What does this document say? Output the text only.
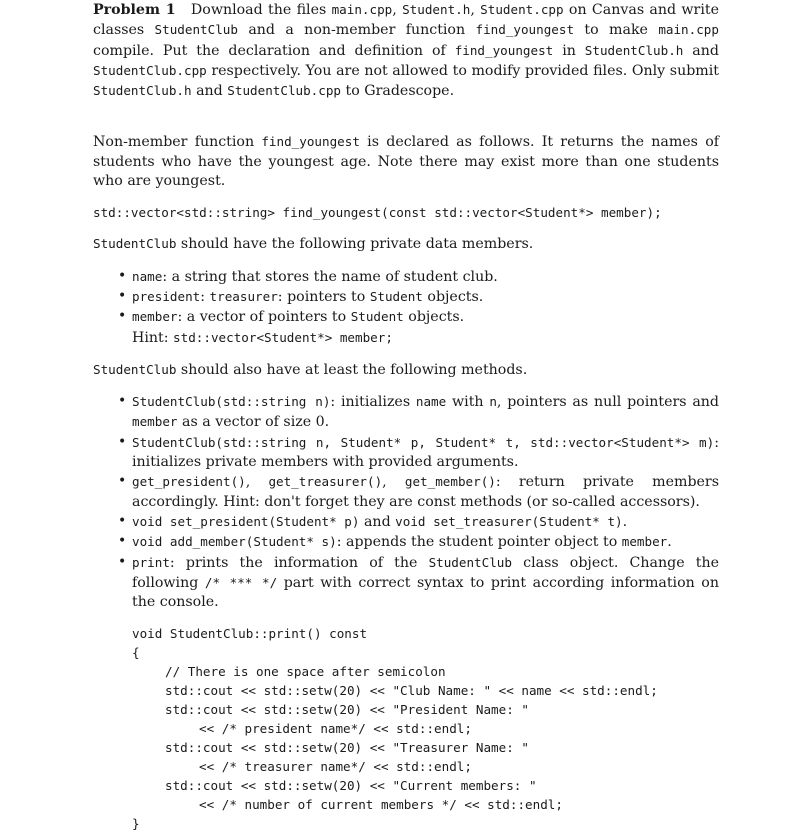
Problem 1 Download the files main.cpp, Student.h, Student.cpp on Canvas and write classes StudentClub and a non-member function find_youngest to make main.cpp compile. Put the declaration and definition of find_youngest in StudentClub.h and StudentClub.cpp respectively. You are not allowed to modify provided files. Only submit StudentClub.h and StudentClub.cpp to Gradescope.

Non-member function find_youngest is declared as follows. It returns the names of students who have the youngest age. Note there may exist more than one students who are youngest.

std::vector<std::string> find_youngest(const std::vector<Student*> member);

StudentClub should have the following private data members.

• name: a string that stores the name of student club.
• president: treasurer: pointers to Student objects.
• member: a vector of pointers to Student objects.
Hint: std::vector<Student*> member;

StudentClub should also have at least the following methods.

• StudentClub(std::string n): initializes name with n, pointers as null pointers and member as a vector of size 0.
• StudentClub(std::string n, Student* p, Student* t, std::vector<Student*> m): initializes private members with provided arguments.
• get_president(), get_treasurer(), get_member(): return private members accordingly. Hint: don't forget they are const methods (or so-called accessors).
• void set_president(Student* p) and void set_treasurer(Student* t).
• void add_member(Student* s): appends the student pointer object to member.
• print: prints the information of the StudentClub class object. Change the following /* *** */ part with correct syntax to print according information on the console.
void StudentClub::print() const
{
// There is one space after semicolon
std::cout << std::setw(20) << "Club Name: " << name << std::endl;
std::cout << std::setw(20) << "President Name: "
<< /* president name*/ << std::endl;
std::cout << std::setw(20) << "Treasurer Name: "
<< /* treasurer name*/ << std::endl;
std::cout << std::setw(20) << "Current members: "
<< /* number of current members */ << std::endl;
}
